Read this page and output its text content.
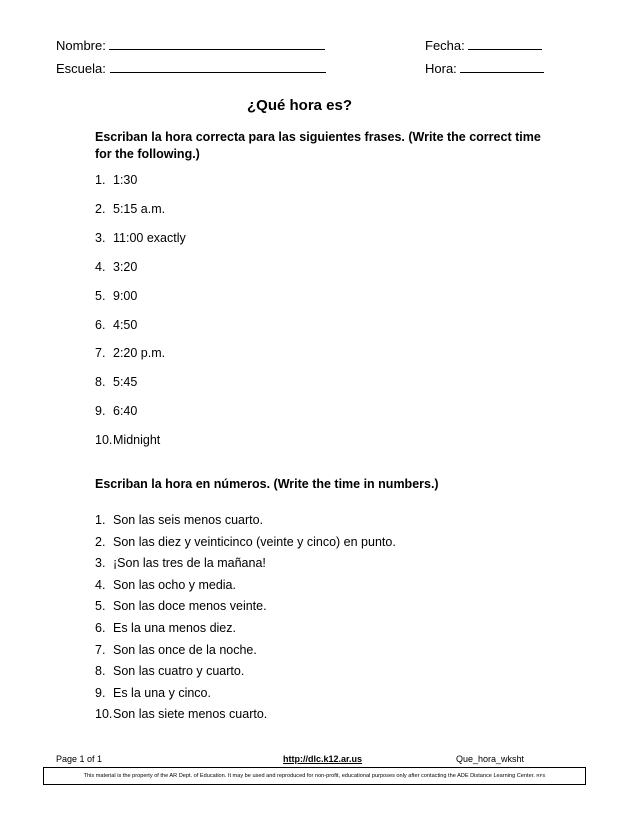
Nombre:	Fecha:
Escuela:	Hora:
¿Qué hora es?
Escriban la hora correcta para las siguientes frases. (Write the correct time
for the following.)
1. 1:30
2. 5:15 a.m.
3. 11:00 exactly
4. 3:20
5. 9:00
6. 4:50
7. 2:20 p.m.
8. 5:45
9. 6:40
10.Midnight
Escriban la hora en números. (Write the time in numbers.)
1. Son las seis menos cuarto.
2. Son las diez y veinticinco (veinte y cinco) en punto.
3. ¡Son las tres de la mañana!
4. Son las ocho y media.
5. Son las doce menos veinte.
6. Es la una menos diez.
7. Son las once de la noche.
8. Son las cuatro y cuarto.
9. Es la una y cinco.
10.Son las siete menos cuarto.
Page 1 of 1	http://dlc.k12.ar.us	Que_hora_wksht
This material is the property of the AR Dept. of Education. It may be used and reproduced for non-profit, educational purposes only after contacting the ADE Distance Learning Center. RFS
